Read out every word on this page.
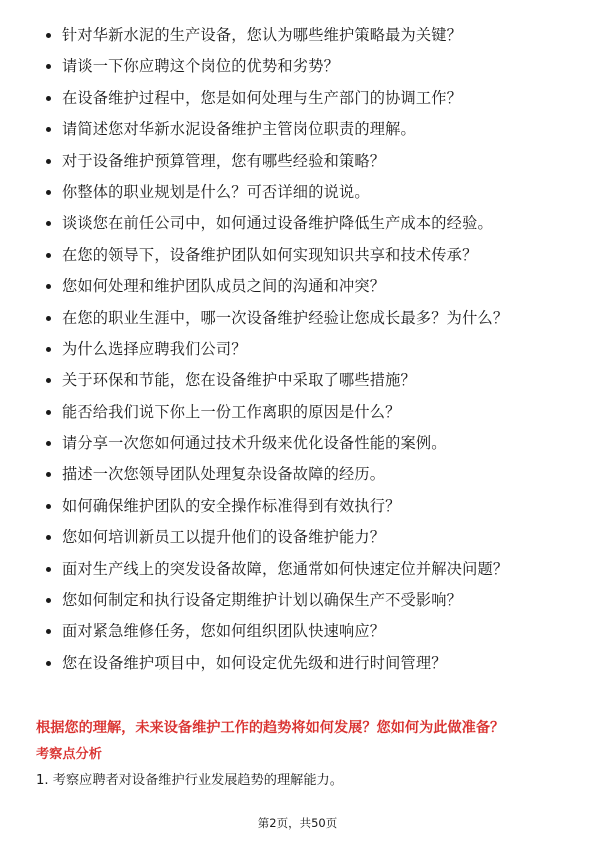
针对华新水泥的生产设备，您认为哪些维护策略最为关键？
请谈一下你应聘这个岗位的优势和劣势？
在设备维护过程中，您是如何处理与生产部门的协调工作？
请简述您对华新水泥设备维护主管岗位职责的理解。
对于设备维护预算管理，您有哪些经验和策略？
你整体的职业规划是什么？可否详细的说说。
谈谈您在前任公司中，如何通过设备维护降低生产成本的经验。
在您的领导下，设备维护团队如何实现知识共享和技术传承？
您如何处理和维护团队成员之间的沟通和冲突？
在您的职业生涯中，哪一次设备维护经验让您成长最多？为什么？
为什么选择应聘我们公司？
关于环保和节能，您在设备维护中采取了哪些措施？
能否给我们说下你上一份工作离职的原因是什么？
请分享一次您如何通过技术升级来优化设备性能的案例。
描述一次您领导团队处理复杂设备故障的经历。
如何确保维护团队的安全操作标准得到有效执行？
您如何培训新员工以提升他们的设备维护能力？
面对生产线上的突发设备故障，您通常如何快速定位并解决问题？
您如何制定和执行设备定期维护计划以确保生产不受影响？
面对紧急维修任务，您如何组织团队快速响应？
您在设备维护项目中，如何设定优先级和进行时间管理？
根据您的理解，未来设备维护工作的趋势将如何发展？您如何为此做准备？
考察点分析
1. 考察应聘者对设备维护行业发展趋势的理解能力。
第2页，共50页
